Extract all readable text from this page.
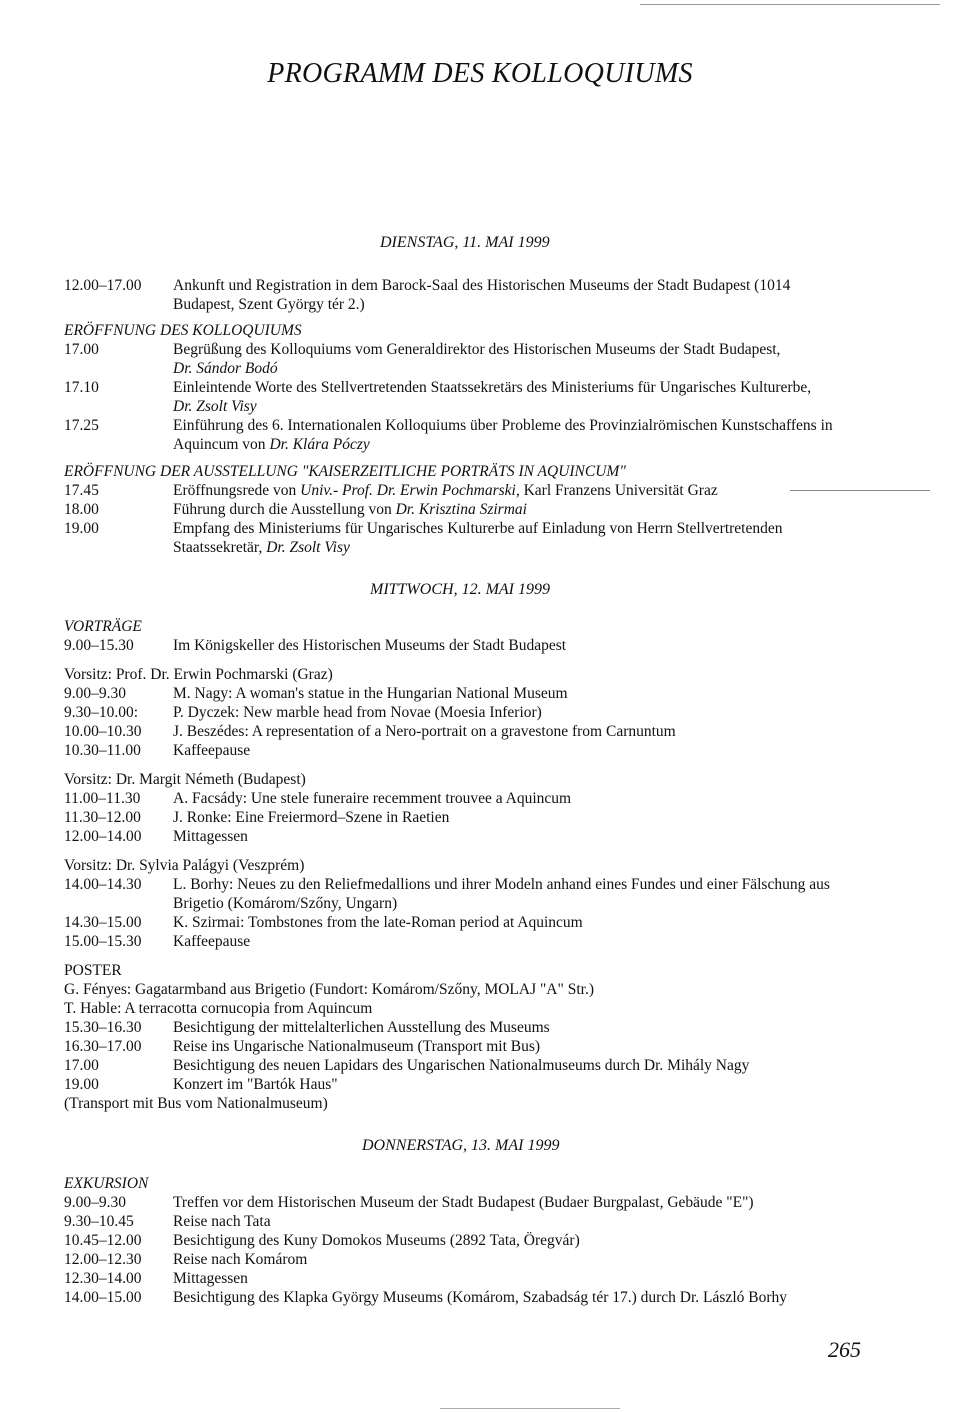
PROGRAMM DES KOLLOQUIUMS
DIENSTAG, 11. MAI 1999
12.00–17.00	Ankunft und Registration in dem Barock-Saal des Historischen Museums der Stadt Budapest (1014
Budapest, Szent György tér 2.)
ERÖFFNUNG DES KOLLOQUIUMS
17.00	Begrüßung des Kolloquiums vom Generaldirektor des Historischen Museums der Stadt Budapest,
Dr. Sándor Bodó
17.10	Einleintende Worte des Stellvertretenden Staatssekretärs des Ministeriums für Ungarisches Kulturerbe,
Dr. Zsolt Visy
17.25	Einführung des 6. Internationalen Kolloquiums über Probleme des Provinzialrömischen Kunstschaffens in
Aquincum von Dr. Klára Póczy
ERÖFFNUNG DER AUSSTELLUNG "KAISERZEITLICHE PORTRÄTS IN AQUINCUM"
17.45	Eröffnungsrede von Univ.- Prof. Dr. Erwin Pochmarski, Karl Franzens Universität Graz
18.00	Führung durch die Ausstellung von Dr. Krisztina Szirmai
19.00	Empfang des Ministeriums für Ungarisches Kulturerbe auf Einladung von Herrn Stellvertretenden
Staatssekretär, Dr. Zsolt Visy
MITTWOCH, 12. MAI 1999
VORTRÄGE
9.00–15.30	Im Königskeller des Historischen Museums der Stadt Budapest
Vorsitz: Prof. Dr. Erwin Pochmarski (Graz)
9.00–9.30	M. Nagy: A woman's statue in the Hungarian National Museum
9.30–10.00:	P. Dyczek: New marble head from Novae (Moesia Inferior)
10.00–10.30	J. Beszédes: A representation of a Nero-portrait on a gravestone from Carnuntum
10.30–11.00	Kaffeepause
Vorsitz: Dr. Margit Németh (Budapest)
11.00–11.30	A. Facsády: Une stele funeraire recemment trouvee a Aquincum
11.30–12.00	J. Ronke: Eine Freiermord–Szene in Raetien
12.00–14.00	Mittagessen
Vorsitz: Dr. Sylvia Palágyi (Veszprém)
14.00–14.30	L. Borhy: Neues zu den Reliefmedallions und ihrer Modeln anhand eines Fundes und einer Fälschung aus
Brigetio (Komárom/Szőny, Ungarn)
14.30–15.00	K. Szirmai: Tombstones from the late-Roman period at Aquincum
15.00–15.30	Kaffeepause
POSTER
G. Fényes: Gagatarmband aus Brigetio (Fundort: Komárom/Szőny, MOLAJ "A" Str.)
T. Hable: A terracotta cornucopia from Aquincum
15.30–16.30	Besichtigung der mittelalterlichen Ausstellung des Museums
16.30–17.00	Reise ins Ungarische Nationalmuseum (Transport mit Bus)
17.00	Besichtigung des neuen Lapidars des Ungarischen Nationalmuseums durch Dr. Mihály Nagy
19.00	Konzert im "Bartók Haus"
(Transport mit Bus vom Nationalmuseum)
DONNERSTAG, 13. MAI 1999
EXKURSION
9.00–9.30	Treffen vor dem Historischen Museum der Stadt Budapest (Budaer Burgpalast, Gebäude "E")
9.30–10.45	Reise nach Tata
10.45–12.00	Besichtigung des Kuny Domokos Museums (2892 Tata, Öregvár)
12.00–12.30	Reise nach Komárom
12.30–14.00	Mittagessen
14.00–15.00	Besichtigung des Klapka György Museums (Komárom, Szabadság tér 17.) durch Dr. László Borhy
265
